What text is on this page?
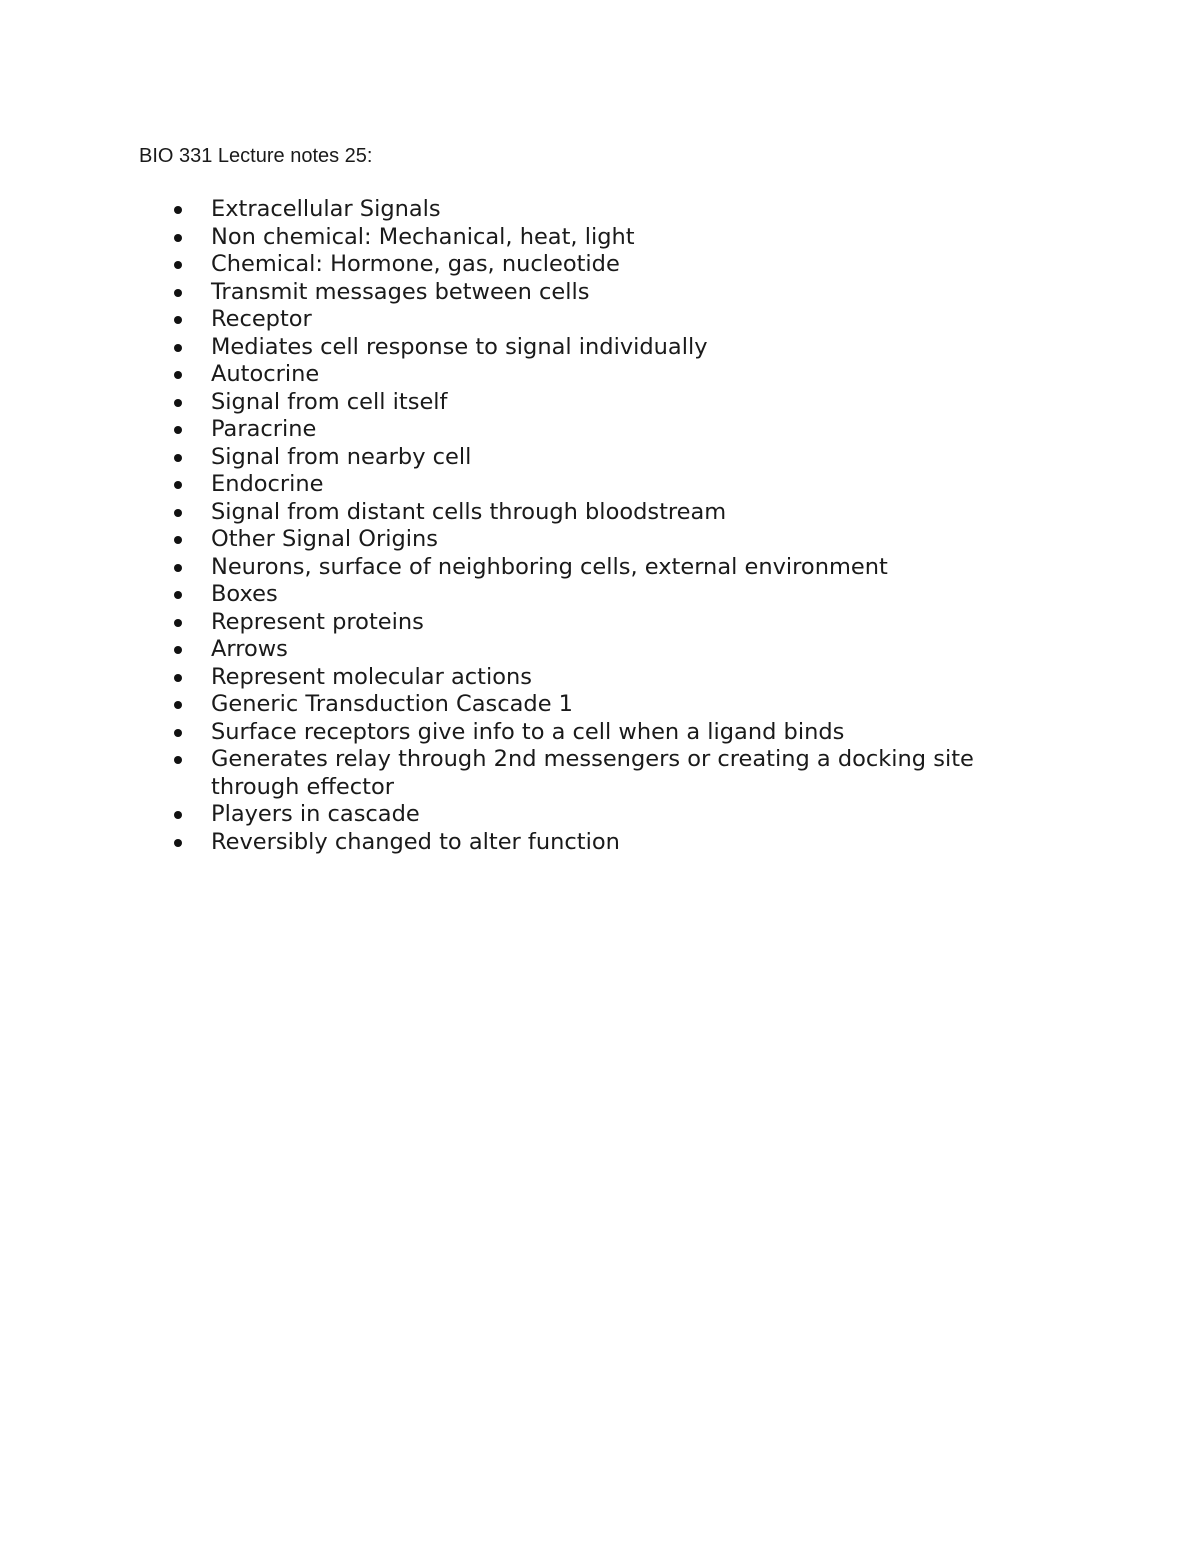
BIO 331 Lecture notes 25:
Extracellular Signals
Non chemical: Mechanical, heat, light
Chemical: Hormone, gas, nucleotide
Transmit messages between cells
Receptor
Mediates cell response to signal individually
Autocrine
Signal from cell itself
Paracrine
Signal from nearby cell
Endocrine
Signal from distant cells through bloodstream
Other Signal Origins
Neurons, surface of neighboring cells, external environment
Boxes
Represent proteins
Arrows
Represent molecular actions
Generic Transduction Cascade 1
Surface receptors give info to a cell when a ligand binds
Generates relay through 2nd messengers or creating a docking site through effector
Players in cascade
Reversibly changed to alter function
